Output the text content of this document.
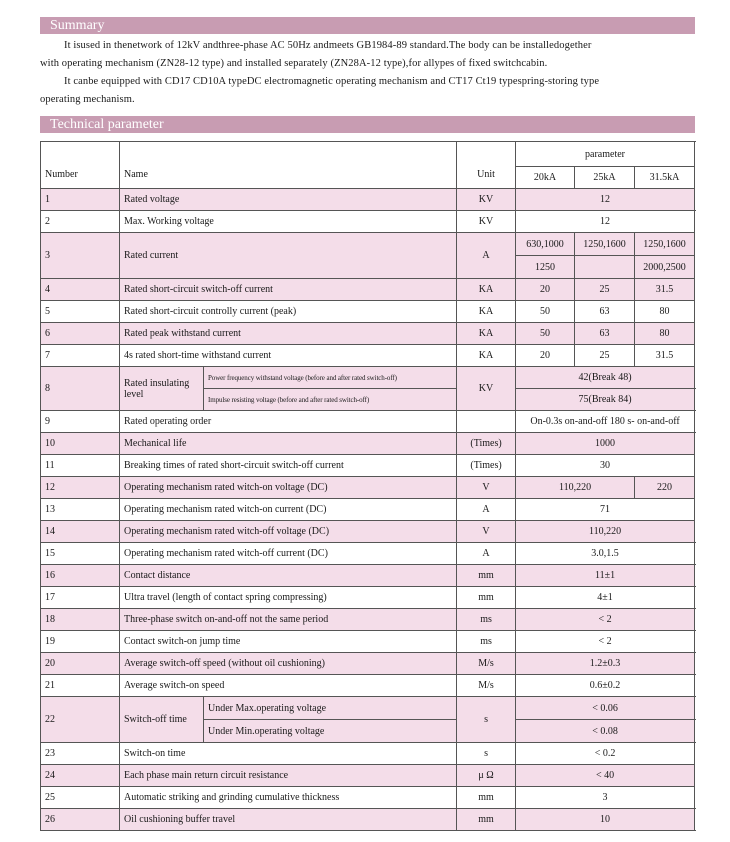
Summary
It isused in thenetwork of 12kV andthree-phase AC 50Hz andmeets GB1984-89 standard.The body can be installedogether
with operating mechanism (ZN28-12 type) and installed separately (ZN28A-12 type),for allypes of fixed switchcabin.
It canbe equipped with CD17 CD10A typeDC electromagnetic operating mechanism and CT17 Ct19 typespring-storing type
operating mechanism.
Technical parameter
Number	Name		Unit	parameter			
				20kA	25kA	31.5kA	
1	Rated voltage		KV	12			
2	Max. Working voltage		KV	12			
3	Rated current		A	630,1000	1250,1600	1250,1600	
				1250		2000,2500	
4	Rated short-circuit switch-off current		KA	20	25	31.5	
5	Rated short-circuit controlly current (peak)		KA	50	63	80	
6	Rated peak withstand current		KA	50	63	80	
7	4s rated short-time withstand current		KA	20	25	31.5	
8	Rated insulating
level	Power frequency withstand voltage (before and after rated switch-off)	KV	42(Break 48)			
		Impulse resisting voltage (before and after rated switch-off)		75(Break 84)			
9	Rated operating order			On-0.3s on-and-off 180 s- on-and-off			
10	Mechanical life		(Times)	1000			
11	Breaking times of rated short-circuit switch-off current		(Times)	30	
12	Operating mechanism rated witch-on voltage (DC)		V	110,220		220	
13	Operating mechanism rated witch-on current (DC)		A	71	
14	Operating mechanism rated witch-off voltage (DC)		V	110,220			
15	Operating mechanism rated witch-off current (DC)		A	3.0,1.5			
16	Contact distance		mm	11±1			
17	Ultra travel (length of contact spring compressing)		mm	4±1			
18	Three-phase switch on-and-off not the same period		ms	< 2			
19	Contact switch-on jump time		ms	< 2			
20	Average switch-off speed (without oil cushioning)		M/s	1.2±0.3			
21	Average switch-on speed		M/s	0.6±0.2			
22	Switch-off time	Under Max.operating voltage	s	< 0.06			
		Under Min.operating voltage		< 0.08			
23	Switch-on time		s	< 0.2			
24	Each phase main return circuit resistance		μ Ω	< 40	
25	Automatic striking and grinding cumulative thickness		mm	3			
26	Oil cushioning buffer travel		mm	10			
